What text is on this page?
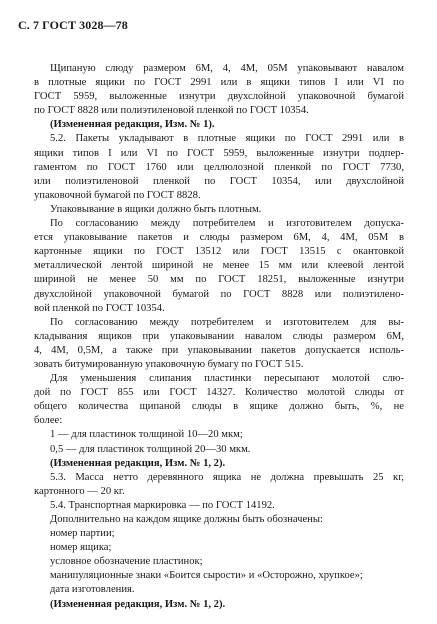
С. 7 ГОСТ 3028—78
Щипаную слюду размером 6М, 4, 4М, 05М упаковывают навалом
в плотные ящики по ГОСТ 2991 или в ящики типов I или VI по
ГОСТ 5959, выложенные изнутри двухслойной упаковочной бумагой
по ГОСТ 8828 или полиэтиленовой пленкой по ГОСТ 10354.
(Измененная редакция, Изм. № 1).
5.2. Пакеты укладывают в плотные ящики по ГОСТ 2991 или в
ящики типов I или VI по ГОСТ 5959, выложенные изнутри подпер-
гаментом по ГОСТ 1760 или целлюлозной пленкой по ГОСТ 7730,
или полиэтиленовой пленкой по ГОСТ 10354, или двухслойной
упаковочной бумагой по ГОСТ 8828.
Упаковывание в ящики должно быть плотным.
По согласованию между потребителем и изготовителем допуска-
ется упаковывание пакетов и слюды размером 6М, 4, 4М, 05М в
картонные ящики по ГОСТ 13512 или ГОСТ 13515 с окантовкой
металлической лентой шириной не менее 15 мм или клеевой лентой
шириной не менее 50 мм по ГОСТ 18251, выложенные изнутри
двухслойной упаковочной бумагой по ГОСТ 8828 или полиэтилено-
вой пленкой по ГОСТ 10354.
По согласованию между потребителем и изготовителем для вы-
кладывания ящиков при упаковывании навалом слюды размером 6М,
4, 4М, 0,5М, а также при упаковывании пакетов допускается исполь-
зовать битумированную упаковочную бумагу по ГОСТ 515.
Для уменьшения слипания пластинки пересыпают молотой слю-
дой по ГОСТ 855 или ГОСТ 14327. Количество молотой слюды от
общего количества щипаной слюды в ящике должно быть, %, не
более:
1 — для пластинок толщиной 10—20 мкм;
0,5 — для пластинок толщиной 20—30 мкм.
(Измененная редакция, Изм. № 1, 2).
5.3. Масса нетто деревянного ящика не должна превышать 25 кг,
картонного — 20 кг.
5.4. Транспортная маркировка — по ГОСТ 14192.
Дополнительно на каждом ящике должны быть обозначены:
номер партии;
номер ящика;
условное обозначение пластинок;
манипуляционные знаки «Боится сырости» и «Осторожно, хрупкое»;
дата изготовления.
(Измененная редакция, Изм. № 1, 2).
